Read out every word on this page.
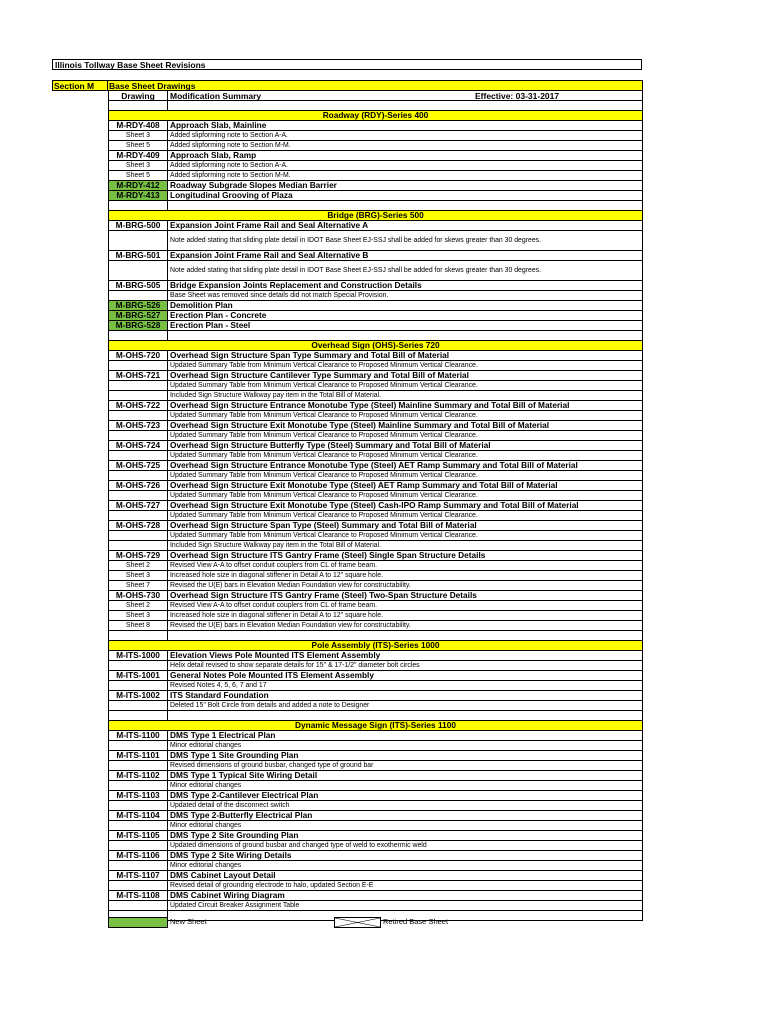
Illinois Tollway Base Sheet Revisions
Section M	Base Sheet Drawings
Drawing	Modification Summary	Effective: 03-31-2017
Roadway (RDY)-Series 400
M-RDY-408	Approach Slab, Mainline
Sheet 3	Added slipforming note to Section A-A.
Sheet 5	Added slipforming note to Section M-M.
M-RDY-409	Approach Slab, Ramp
Sheet 3	Added slipforming note to Section A-A.
Sheet 5	Added slipforming note to Section M-M.
M-RDY-412	Roadway Subgrade Slopes Median Barrier
M-RDY-413	Longitudinal Grooving of Plaza
Bridge (BRG)-Series 500
M-BRG-500	Expansion Joint Frame Rail and Seal Alternative A
Note added stating that sliding plate detail in IDOT Base Sheet EJ-SSJ shall be added for skews greater than 30 degrees.
M-BRG-501	Expansion Joint Frame Rail and Seal Alternative B
Note added stating that sliding plate detail in IDOT Base Sheet EJ-SSJ shall be added for skews greater than 30 degrees.
M-BRG-505	Bridge Expansion Joints Replacement and Construction Details
Base Sheet was removed since details did not match Special Provision.
M-BRG-526	Demolition Plan
M-BRG-527	Erection Plan - Concrete
M-BRG-528	Erection Plan - Steel
Overhead Sign (OHS)-Series 720
M-OHS-720	Overhead Sign Structure Span Type Summary and Total Bill of Material
Updated Summary Table from Minimum Vertical Clearance to Proposed Minimum Vertical Clearance.
M-OHS-721	Overhead Sign Structure Cantilever Type Summary and Total Bill of Material
Updated Summary Table from Minimum Vertical Clearance to Proposed Minimum Vertical Clearance.
Included Sign Structure Walkway pay item in the Total Bill of Material.
M-OHS-722	Overhead Sign Structure Entrance Monotube Type (Steel) Mainline Summary and Total Bill of Material
Updated Summary Table from Minimum Vertical Clearance to Proposed Minimum Vertical Clearance.
M-OHS-723	Overhead Sign Structure Exit Monotube Type (Steel) Mainline Summary and Total Bill of Material
Updated Summary Table from Minimum Vertical Clearance to Proposed Minimum Vertical Clearance.
M-OHS-724	Overhead Sign Structure Butterfly Type (Steel) Summary and Total Bill of Material
Updated Summary Table from Minimum Vertical Clearance to Proposed Minimum Vertical Clearance.
M-OHS-725	Overhead Sign Structure Entrance Monotube Type (Steel) AET Ramp Summary and Total Bill of Material
Updated Summary Table from Minimum Vertical Clearance to Proposed Minimum Vertical Clearance.
M-OHS-726	Overhead Sign Structure Exit Monotube Type (Steel) AET Ramp Summary and Total Bill of Material
Updated Summary Table from Minimum Vertical Clearance to Proposed Minimum Vertical Clearance.
M-OHS-727	Overhead Sign Structure Exit Monotube Type (Steel) Cash-IPO Ramp Summary and Total Bill of Material
Updated Summary Table from Minimum Vertical Clearance to Proposed Minimum Vertical Clearance.
M-OHS-728	Overhead Sign Structure Span Type (Steel) Summary and Total Bill of Material
Updated Summary Table from Minimum Vertical Clearance to Proposed Minimum Vertical Clearance.
Included Sign Structure Walkway pay item in the Total Bill of Material.
M-OHS-729	Overhead Sign Structure ITS Gantry Frame (Steel) Single Span Structure Details
Sheet 2	Revised View A-A to offset conduit couplers from CL of frame beam.
Sheet 3	Increased hole size in diagonal stiffener in Detail A to 12" square hole.
Sheet 7	Revised the U(E) bars in Elevation Median Foundation view for constructability.
M-OHS-730	Overhead Sign Structure ITS Gantry Frame (Steel) Two-Span Structure Details
Sheet 2	Revised View A-A to offset conduit couplers from CL of frame beam.
Sheet 3	Increased hole size in diagonal stiffener in Detail A to 12" square hole.
Sheet 8	Revised the U(E) bars in Elevation Median Foundation view for constructability.
Pole Assembly (ITS)-Series 1000
M-ITS-1000	Elevation Views Pole Mounted ITS Element Assembly
Helix detail revised to show separate details for 15" & 17-1/2" diameter bolt circles
M-ITS-1001	General Notes Pole Mounted ITS Element Assembly
Revised Notes 4, 5, 6, 7 and 17
M-ITS-1002	ITS Standard Foundation
Deleted 15" Bolt Circle from details and added a note to Designer
Dynamic Message Sign (ITS)-Series 1100
M-ITS-1100	DMS Type 1 Electrical Plan
Minor editorial changes
M-ITS-1101	DMS Type 1 Site Grounding Plan
Revised dimensions of ground busbar, changed type of ground bar
M-ITS-1102	DMS Type 1 Typical Site Wiring Detail
Minor editorial changes
M-ITS-1103	DMS Type 2-Cantilever Electrical Plan
Updated detail of the disconnect switch
M-ITS-1104	DMS Type 2-Butterfly Electrical Plan
Minor editorial changes
M-ITS-1105	DMS Type 2 Site Grounding Plan
Updated dimensions of ground busbar and changed type of weld to exothermic weld
M-ITS-1106	DMS Type 2 Site Wiring Details
Minor editorial changes
M-ITS-1107	DMS Cabinet Layout Detail
Revised detail of grounding electrode to halo, updated Section E-E
M-ITS-1108	DMS Cabinet Wiring Diagram
Updated Circuit Breaker Assignment Table
New Sheet	Retired Base Sheet
